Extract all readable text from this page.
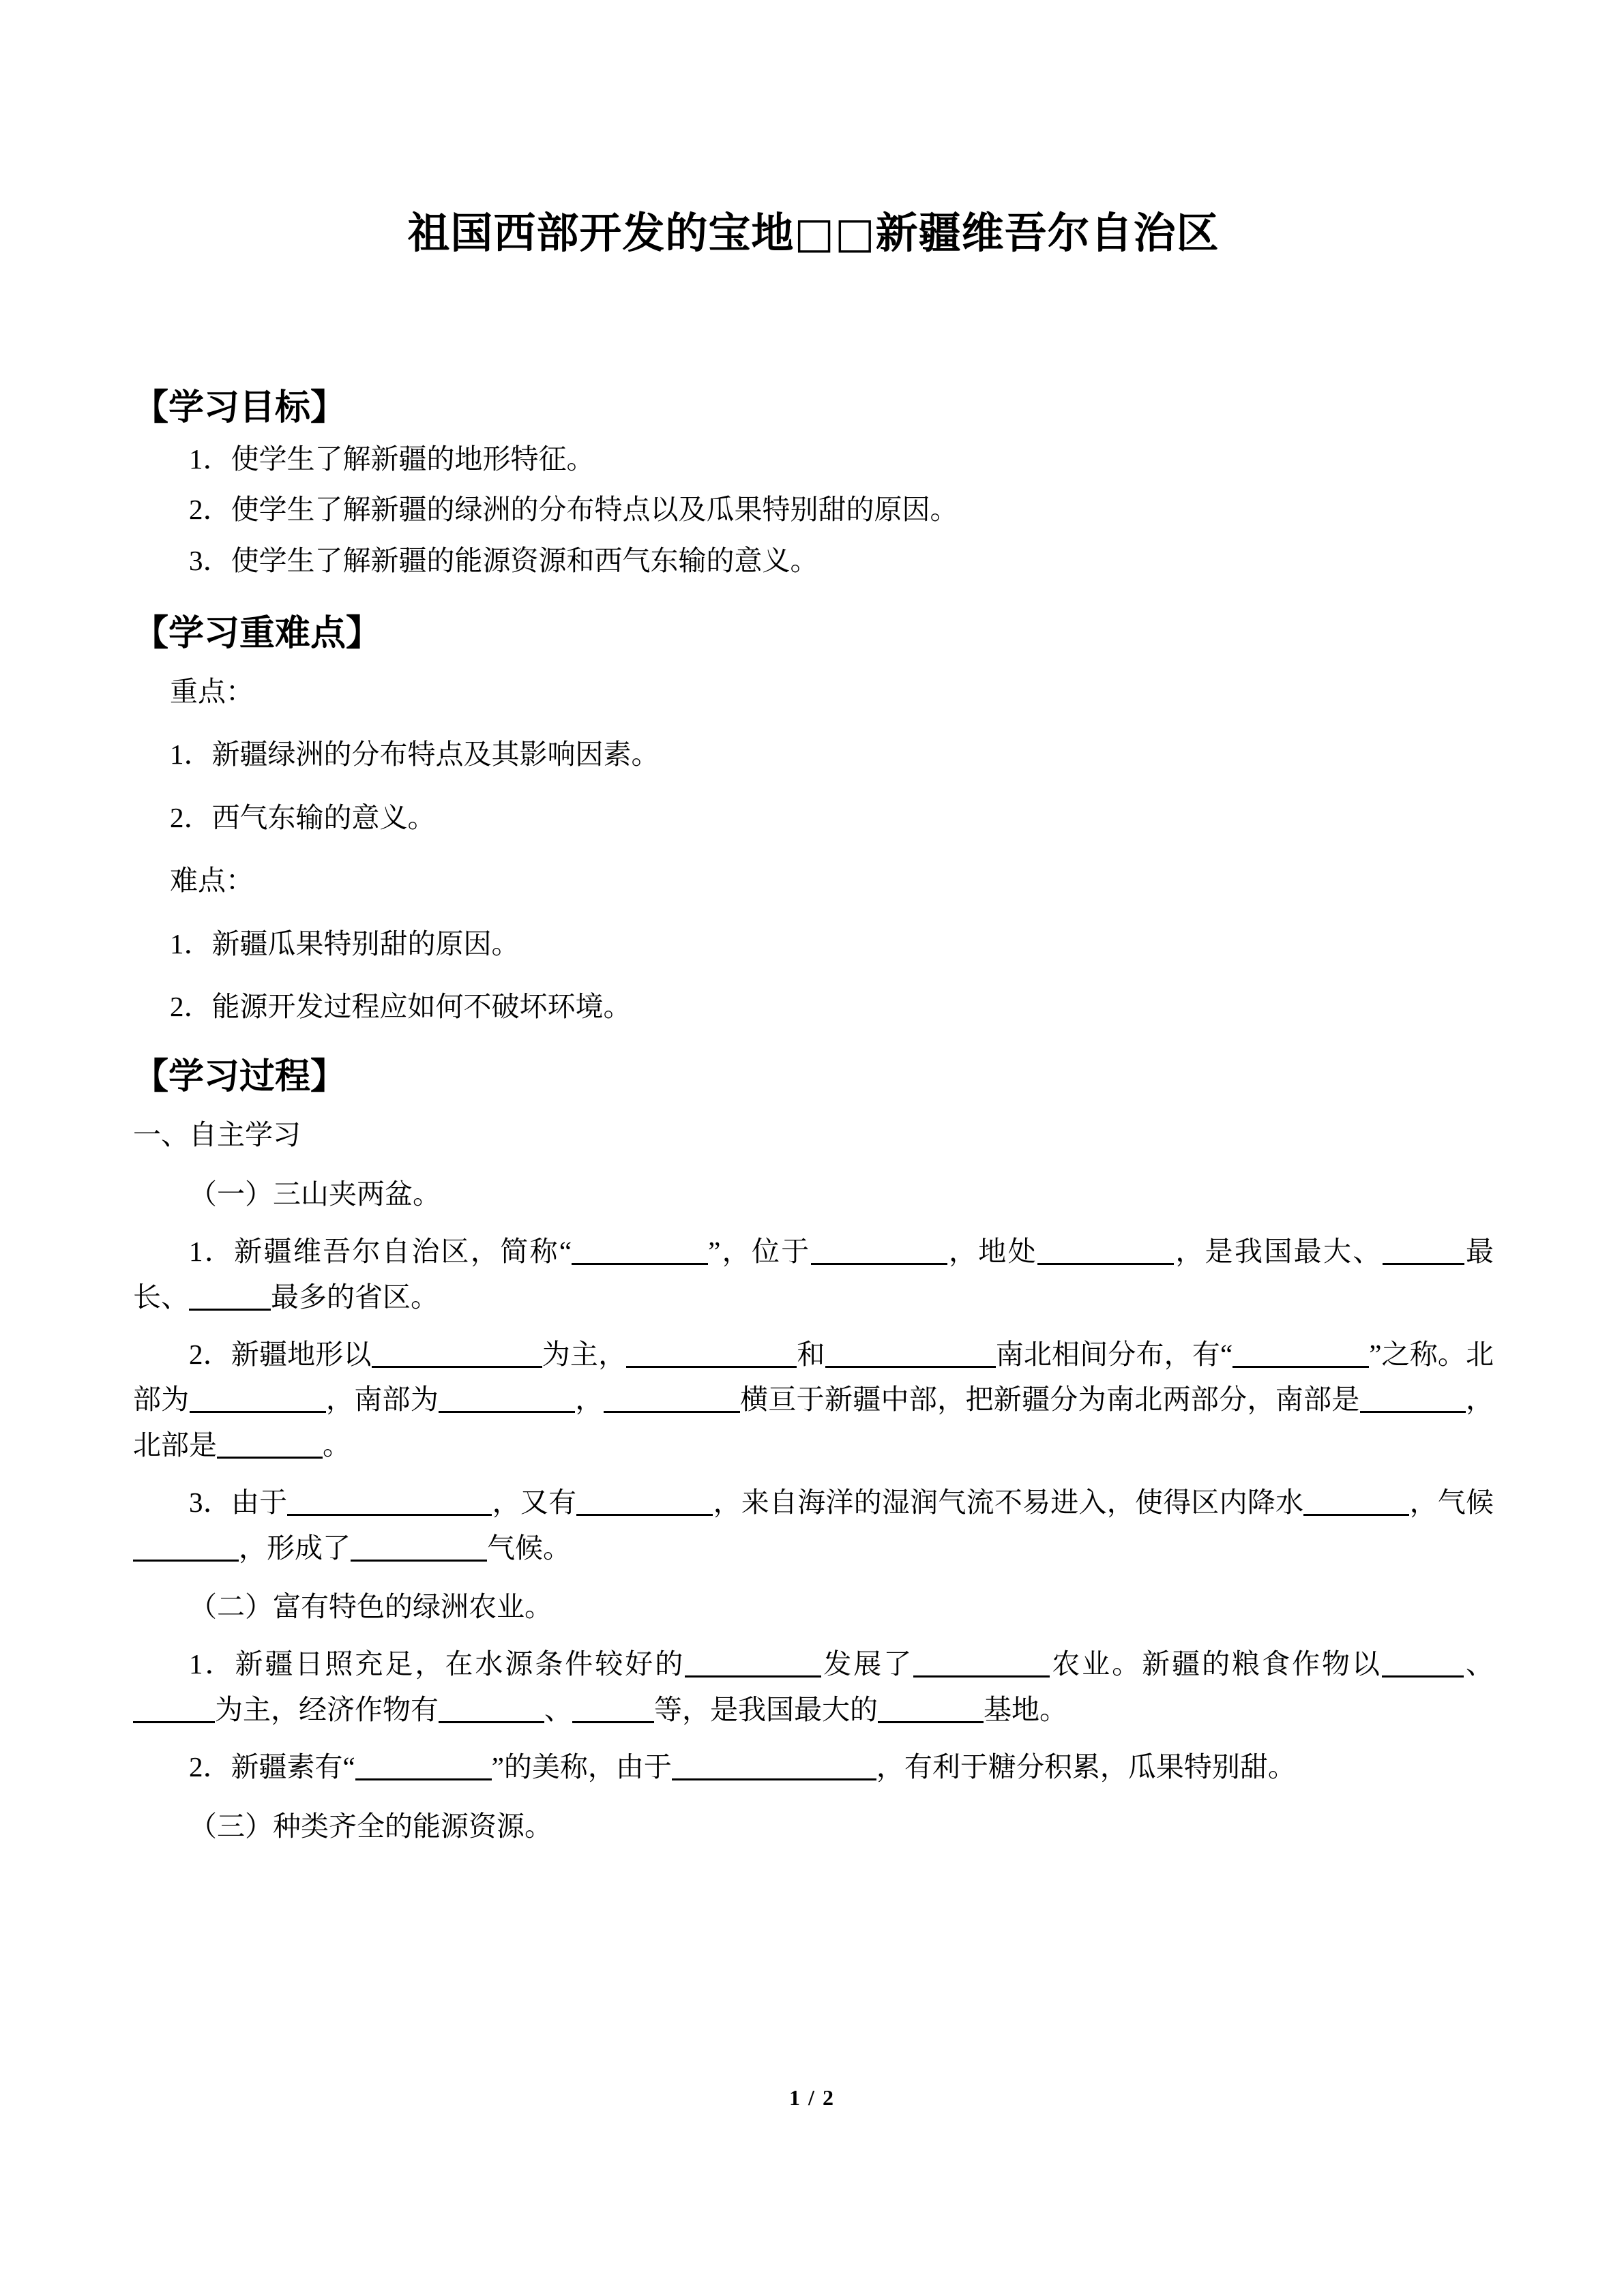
祖国西部开发的宝地□□新疆维吾尔自治区
【学习目标】

1．使学生了解新疆的地形特征。

2．使学生了解新疆的绿洲的分布特点以及瓜果特别甜的原因。

3．使学生了解新疆的能源资源和西气东输的意义。

【学习重难点】

重点：

1．新疆绿洲的分布特点及其影响因素。

2．西气东输的意义。

难点：

1．新疆瓜果特别甜的原因。

2．能源开发过程应如何不破坏环境。

【学习过程】

一、自主学习

（一）三山夹两盆。

1．新疆维吾尔自治区，简称“	”，位于	，地处	，是我国最大、	最长、	最多的省区。

2．新疆地形以	为主，	和	南北相间分布，有“	”之称。北部为	，南部为	，	横亘于新疆中部，把新疆分为南北两部分，南部是	，北部是	。

3．由于	，又有	，来自海洋的湿润气流不易进入，使得区内降水	，气候，形成了	气候。

（二）富有特色的绿洲农业。

1．新疆日照充足，在水源条件较好的	发展了	农业。新疆的粮食作物以	、为主，经济作物有	、	等，是我国最大的	基地。

2．新疆素有“	”的美称，由于	，有利于糖分积累，瓜果特别甜。

（三）种类齐全的能源资源。

1 / 2
